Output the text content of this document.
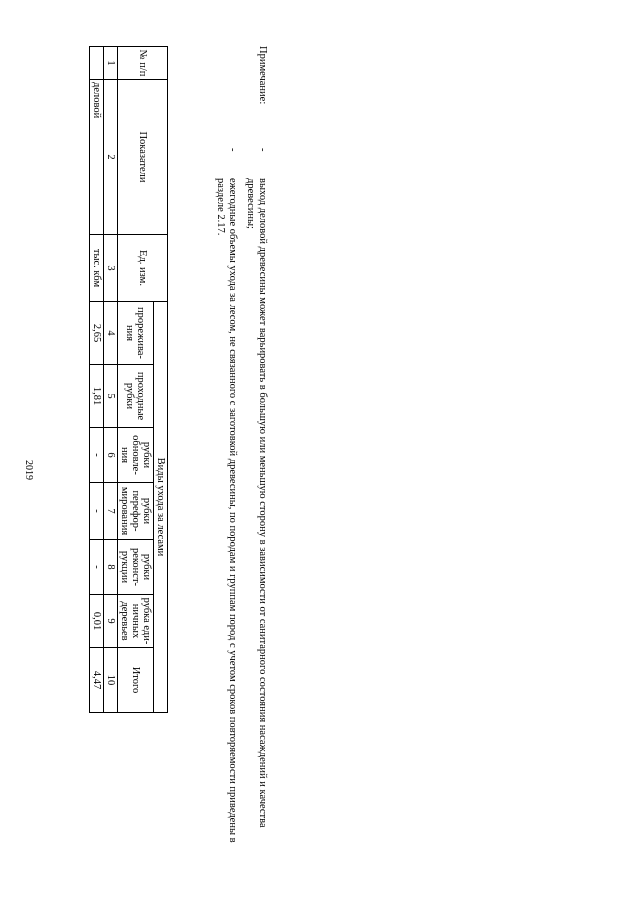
2019
Примечание:
-
выход деловой древесины может варьировать в большую или меньшую сторону в зависимости от санитарного состояния насаждений и качества древесины;
-
ежегодные объемы ухода за лесом, не связанного с заготовкой древесины, по породам и группам пород с учетом сроков повторяемости приведены в разделе 2.17.
№ п/п	Показатели	Ед. изм.	Виды ухода за лесами						
			прорежива-ния	проходные рубки	рубки обновле-ния	рубки перефор-мирования	рубки реконст-рукции	рубка еди-ничных деревьев	Итого
1	2	3	4	5	6	7	8	9	10
	деловой	тыс. кбм	2,65	1,81	-	-	-	0,01	4,47
